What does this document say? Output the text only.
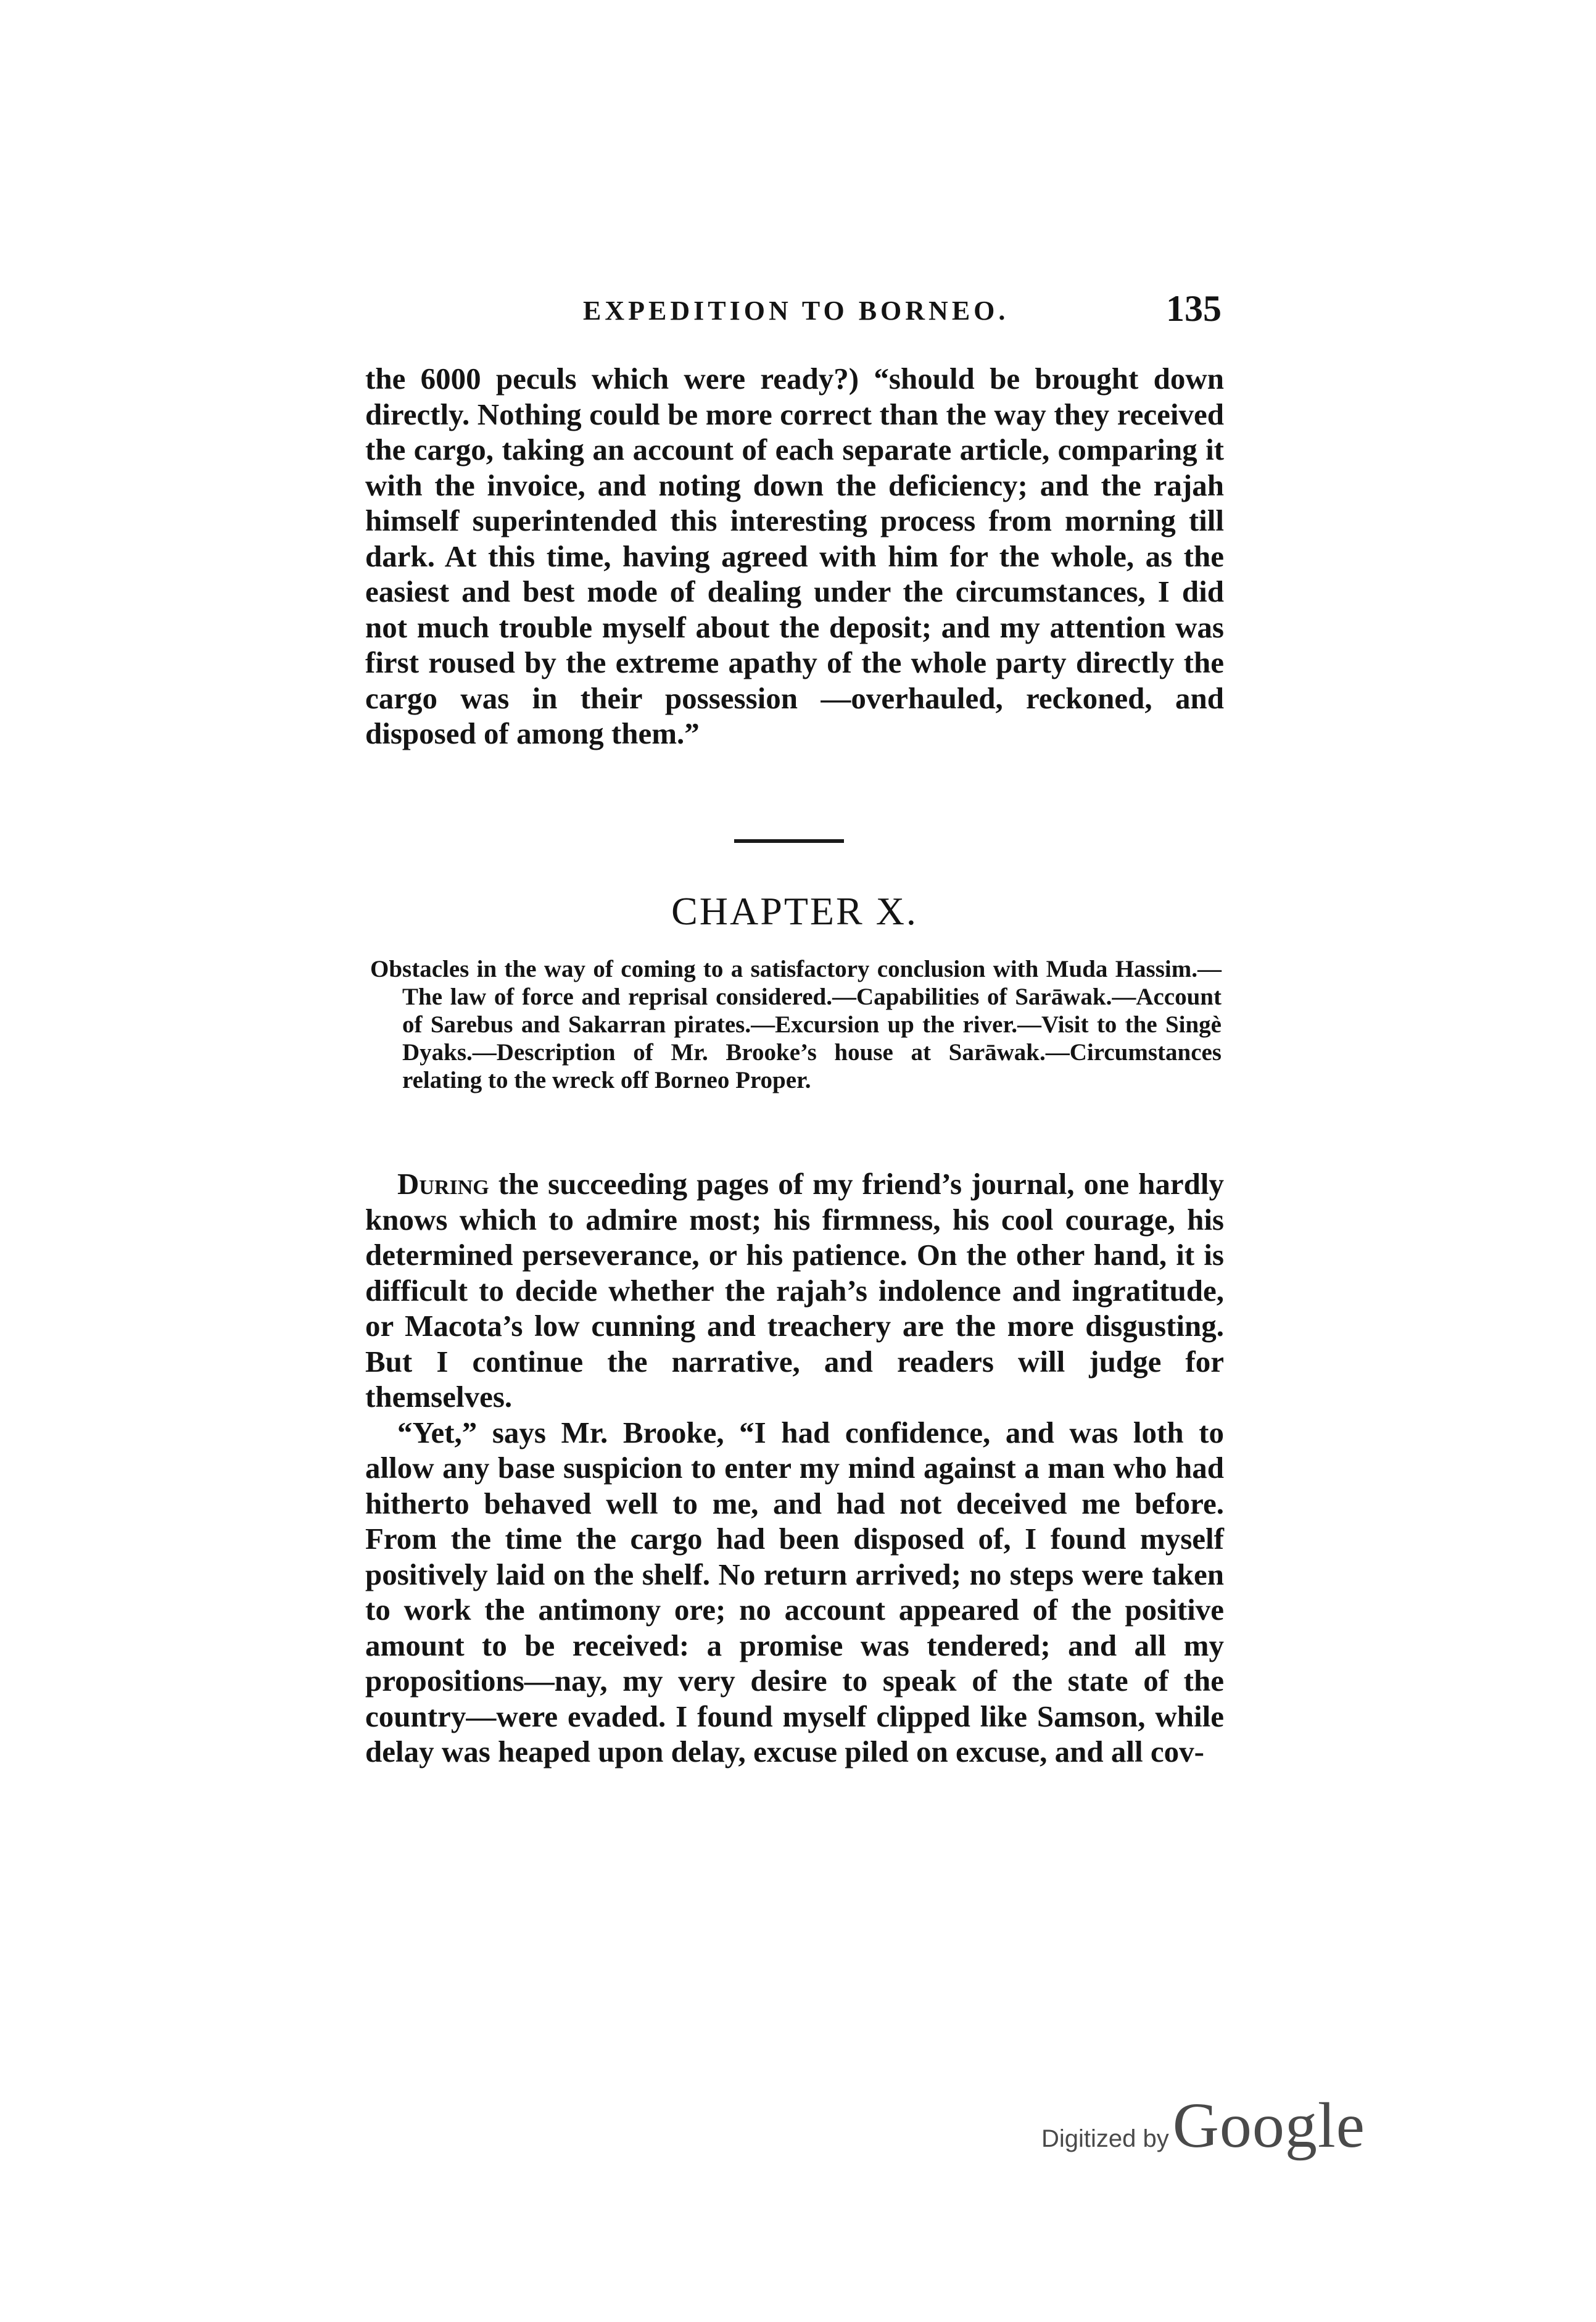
EXPEDITION TO BORNEO.	135

the 6000 peculs which were ready?) “should be brought down directly. Nothing could be more correct than the way they received the cargo, taking an account of each separate article, comparing it with the invoice, and noting down the deficiency; and the rajah himself superintended this interesting process from morning till dark. At this time, having agreed with him for the whole, as the easiest and best mode of dealing under the circumstances, I did not much trouble myself about the deposit; and my attention was first roused by the extreme apathy of the whole party directly the cargo was in their possession —overhauled, reckoned, and disposed of among them.”

CHAPTER X.
Obstacles in the way of coming to a satisfactory conclusion with Muda Hassim.—The law of force and reprisal considered.—Capabilities of Sarāwak.—Account of Sarebus and Sakarran pirates.—Excursion up the river.—Visit to the Singè Dyaks.—Description of Mr. Brooke’s house at Sarāwak.—Circumstances relating to the wreck off Borneo Proper.

During the succeeding pages of my friend’s journal, one hardly knows which to admire most; his firmness, his cool courage, his determined perseverance, or his patience. On the other hand, it is difficult to decide whether the rajah’s indolence and ingratitude, or Macota’s low cunning and treachery are the more disgusting. But I continue the narrative, and readers will judge for themselves.

“Yet,” says Mr. Brooke, “I had confidence, and was loth to allow any base suspicion to enter my mind against a man who had hitherto behaved well to me, and had not deceived me before. From the time the cargo had been disposed of, I found myself positively laid on the shelf. No return arrived; no steps were taken to work the antimony ore; no account appeared of the positive amount to be received: a promise was tendered; and all my propositions—nay, my very desire to speak of the state of the country—were evaded. I found myself clipped like Samson, while delay was heaped upon delay, excuse piled on excuse, and all cov-

Digitized by Google
